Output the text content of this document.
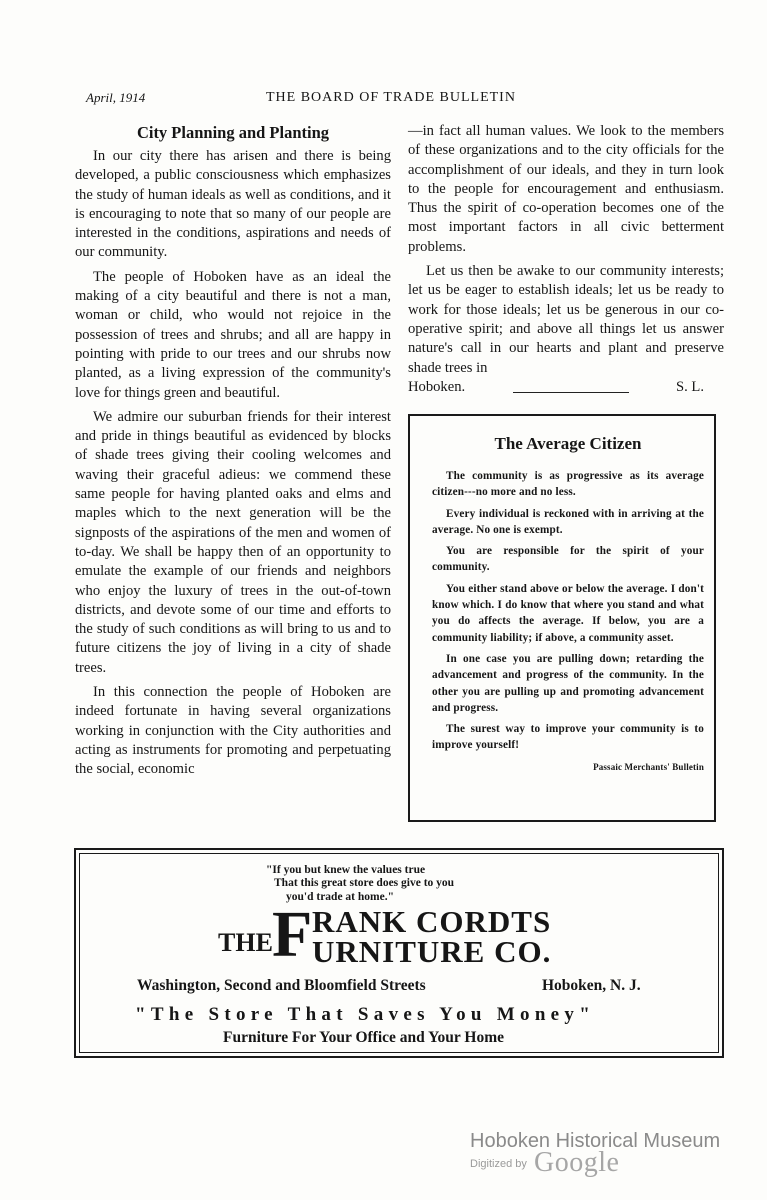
April, 1914	THE BOARD OF TRADE BULLETIN
City Planning and Planting

In our city there has arisen and there is being developed, a public consciousness which emphasizes the study of human ideals as well as conditions, and it is encouraging to note that so many of our people are interested in the conditions, aspirations and needs of our community.

The people of Hoboken have as an ideal the making of a city beautiful and there is not a man, woman or child, who would not rejoice in the possession of trees and shrubs; and all are happy in pointing with pride to our trees and our shrubs now planted, as a living expression of the community's love for things green and beautiful.

We admire our suburban friends for their interest and pride in things beautiful as evidenced by blocks of shade trees giving their cooling welcomes and waving their graceful adieus: we commend these same people for having planted oaks and elms and maples which to the next generation will be the signposts of the aspirations of the men and women of to-day. We shall be happy then of an opportunity to emulate the example of our friends and neighbors who enjoy the luxury of trees in the out-of-town districts, and devote some of our time and efforts to the study of such conditions as will bring to us and to future citizens the joy of living in a city of shade trees.

In this connection the people of Hoboken are indeed fortunate in having several organizations working in conjunction with the City authorities and acting as instruments for promoting and perpetuating the social, economic

—in fact all human values. We look to the members of these organizations and to the city officials for the accomplishment of our ideals, and they in turn look to the people for encouragement and enthusiasm. Thus the spirit of co-operation becomes one of the most important factors in all civic betterment problems.

Let us then be awake to our community interests; let us be eager to establish ideals; let us be ready to work for those ideals; let us be generous in our co-operative spirit; and above all things let us answer nature's call in our hearts and plant and preserve shade trees in

Hoboken.	S. L.
The Average Citizen

The community is as progressive as its average citizen---no more and no less.

Every individual is reckoned with in arriving at the average. No one is exempt.

You are responsible for the spirit of your community.

You either stand above or below the average. I don't know which. I do know that where you stand and what you do affects the average. If below, you are a community liability; if above, a community asset.

In one case you are pulling down; retarding the advancement and progress of the community. In the other you are pulling up and promoting advancement and progress.

The surest way to improve your community is to improve yourself!

Passaic Merchants' Bulletin
"If you but knew the values true
That this great store does give to you
you'd trade at home."
THE F RANK CORDTS
URNITURE CO.
Washington, Second and Bloomfield Streets	Hoboken, N. J.
"The Store That Saves You Money"
Furniture For Your Office and Your Home
Hoboken Historical Museum
Digitized by Google
